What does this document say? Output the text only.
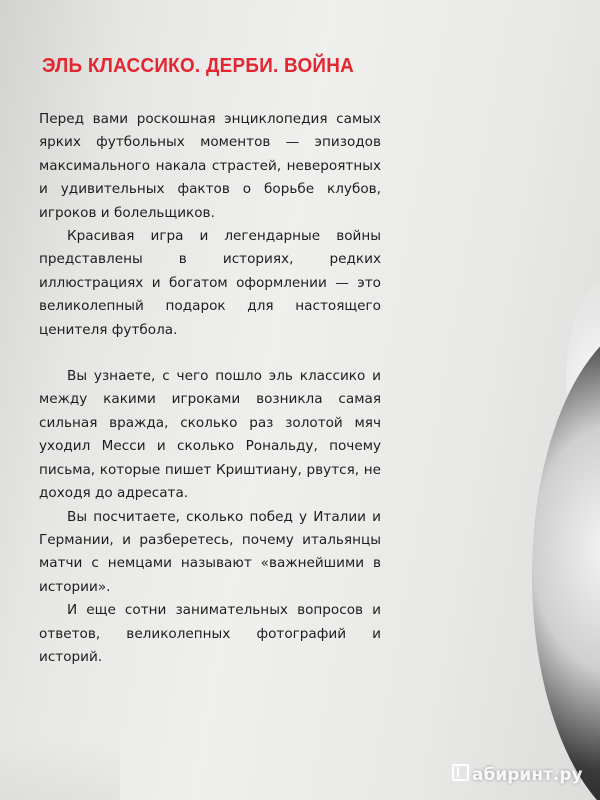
ЭЛЬ КЛАССИКО. ДЕРБИ. ВОЙНА

Перед вами роскошная энциклопедия самых ярких футбольных моментов — эпизодов максимального накала страстей, невероятных и удивительных фактов о борьбе клубов, игроков и болельщиков.

Красивая игра и легендарные войны представлены в историях, редких иллюстрациях и богатом оформлении — это великолепный подарок для настоящего ценителя футбола.

Вы узнаете, с чего пошло эль классико и между какими игроками возникла самая сильная вражда, сколько раз золотой мяч уходил Месси и сколько Рональду, почему письма, которые пишет Криштиану, рвутся, не доходя до адресата.

Вы посчитаете, сколько побед у Италии и Германии, и разберетесь, почему итальянцы матчи с немцами называют «важнейшими в истории».

И еще сотни занимательных вопросов и ответов, великолепных фотографий и историй.

абиринт.ру
